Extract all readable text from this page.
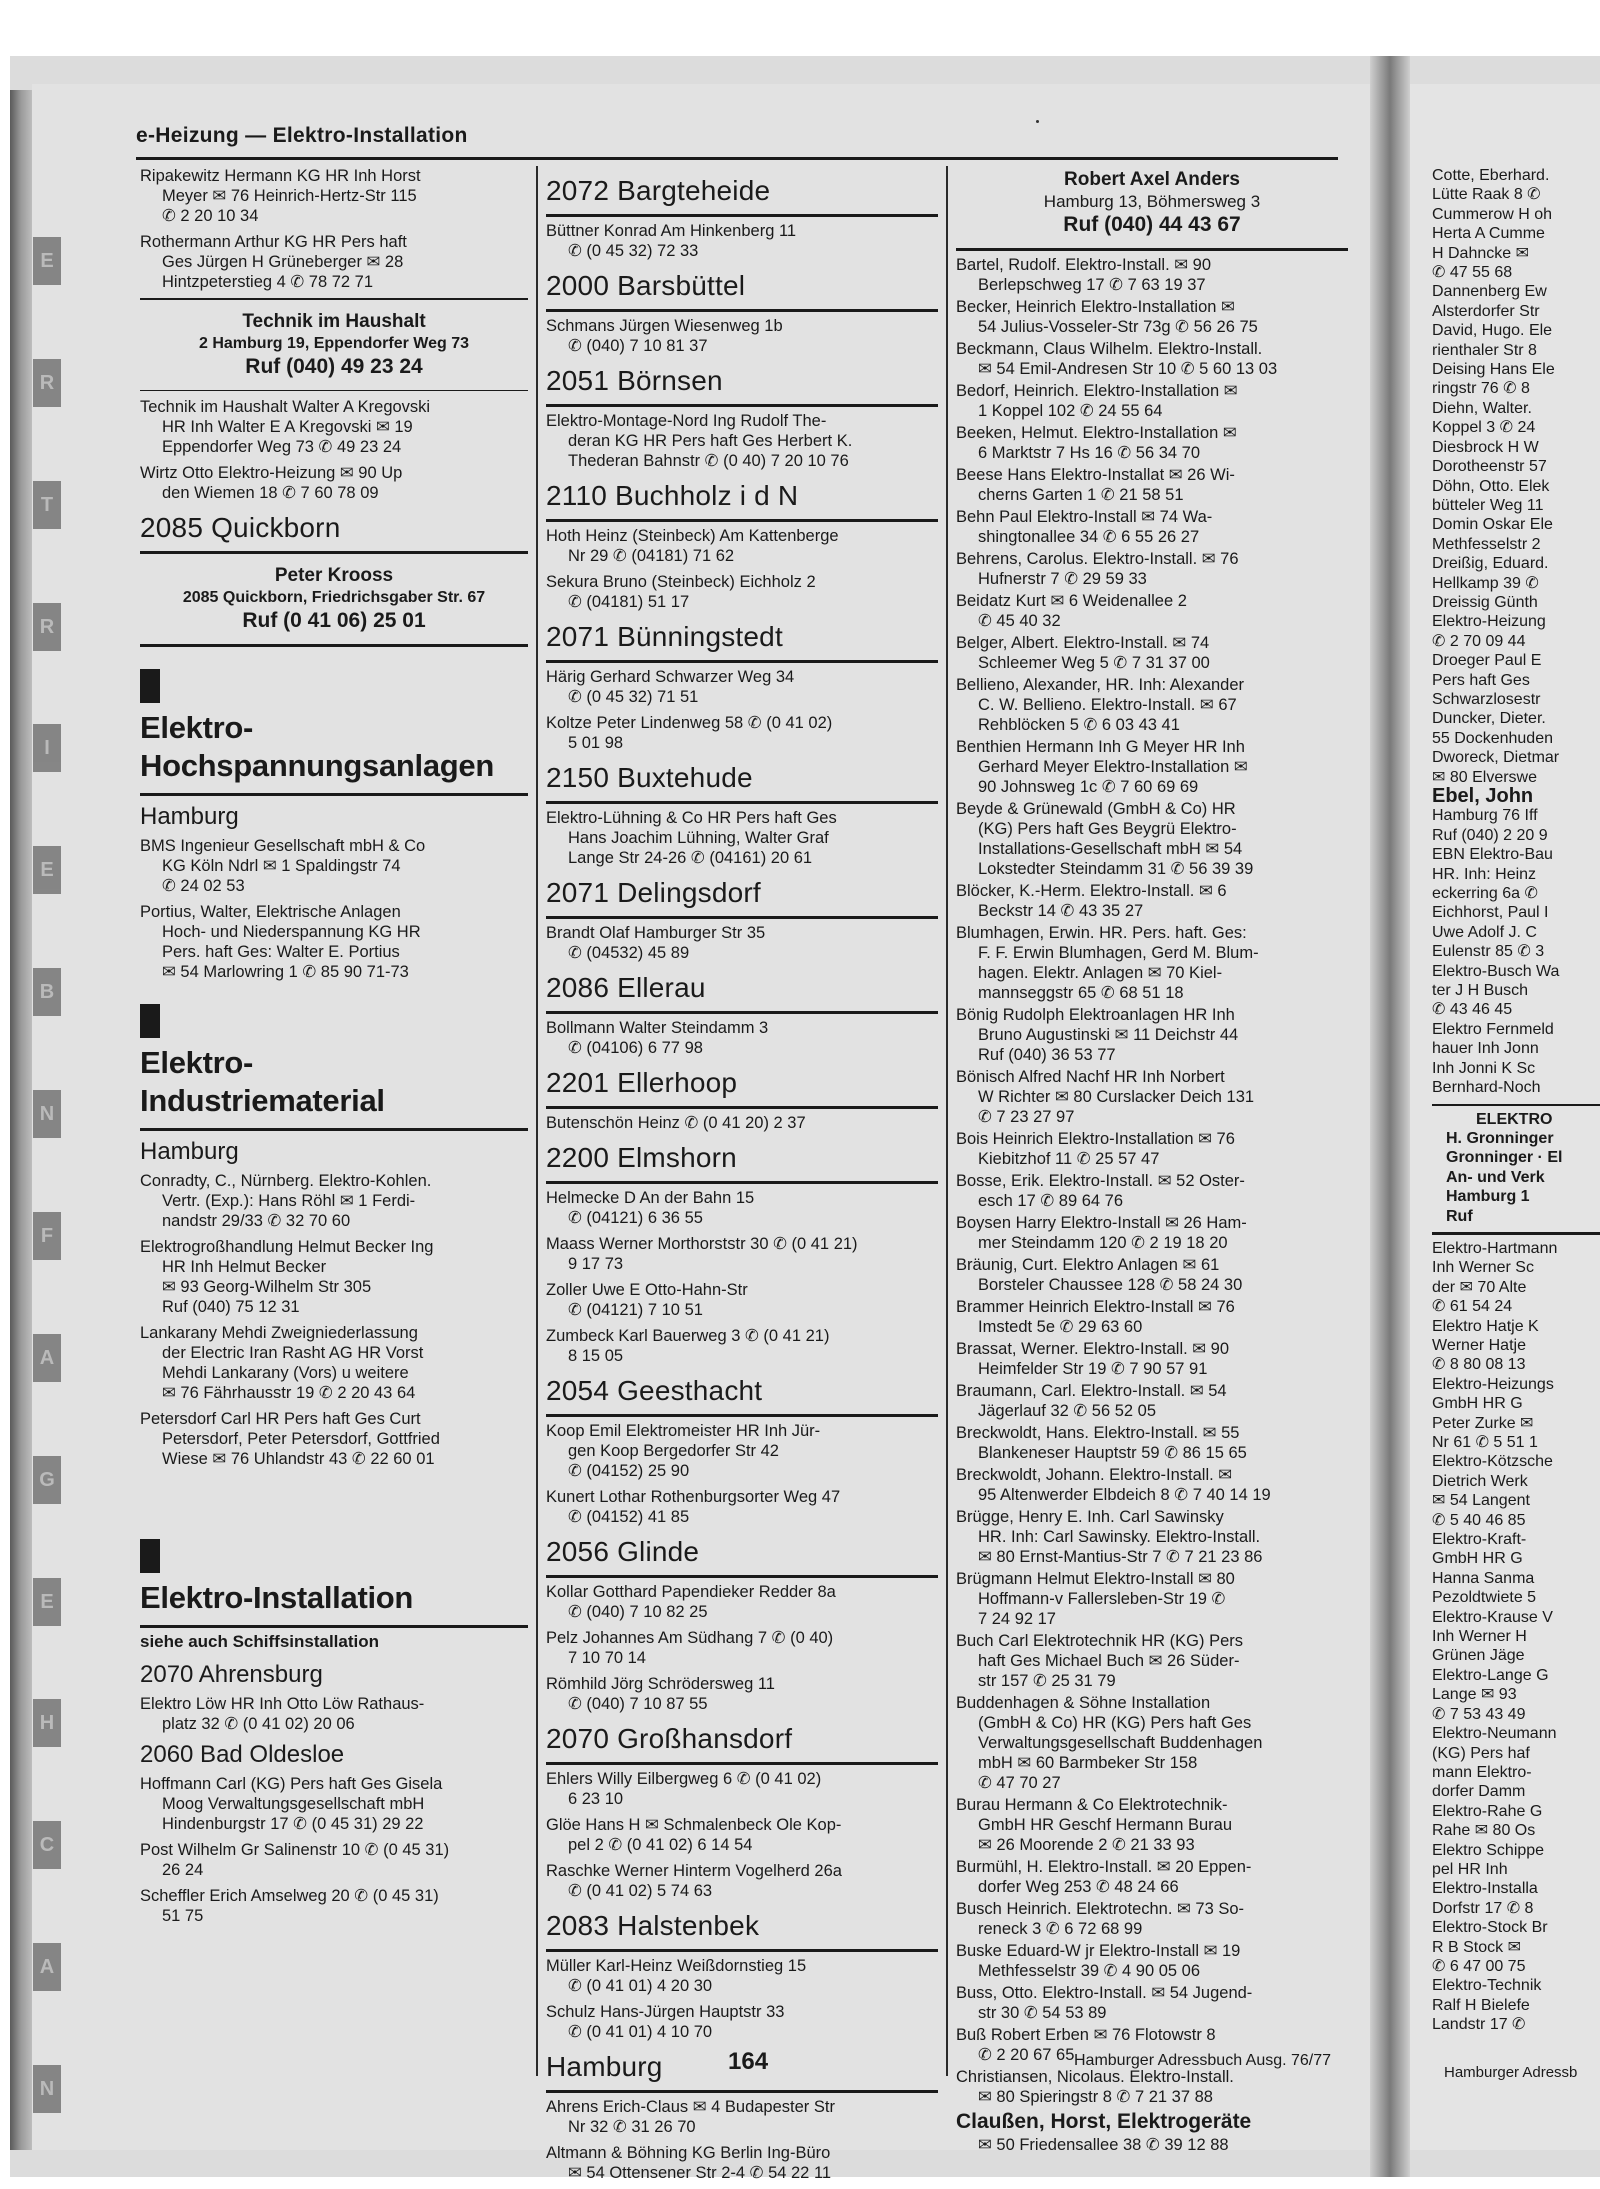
E
R
T
R
I
E
B
N
F
A
G
E
H
C
A
N
e-Heizung — Elektro-Installation
Ripakewitz Hermann KG HR Inh Horst
Meyer ✉ 76 Heinrich-Hertz-Str 115
✆ 2 20 10 34
Rothermann Arthur KG HR Pers haft
Ges Jürgen H Grüneberger ✉ 28
Hintzpeterstieg 4 ✆ 78 72 71
Technik im Haushalt
2 Hamburg 19, Eppendorfer Weg 73
Ruf (040) 49 23 24
Technik im Haushalt Walter A Kregovski
HR Inh Walter E A Kregovski ✉ 19
Eppendorfer Weg 73 ✆ 49 23 24
Wirtz Otto Elektro-Heizung ✉ 90 Up
den Wiemen 18 ✆ 7 60 78 09
2085 Quickborn
Peter Krooss
2085 Quickborn, Friedrichsgaber Str. 67
Ruf (0 41 06) 25 01
Elektro-
Hochspannungsanlagen
Hamburg
BMS Ingenieur Gesellschaft mbH & Co
KG Köln Ndrl ✉ 1 Spaldingstr 74
✆ 24 02 53
Portius, Walter, Elektrische Anlagen
Hoch- und Niederspannung KG HR
Pers. haft Ges: Walter E. Portius
✉ 54 Marlowring 1 ✆ 85 90 71-73
Elektro-
Industriematerial
Hamburg
Conradty, C., Nürnberg. Elektro-Kohlen.
Vertr. (Exp.): Hans Röhl ✉ 1 Ferdi-
nandstr 29/33 ✆ 32 70 60
Elektrogroßhandlung Helmut Becker Ing
HR Inh Helmut Becker
✉ 93 Georg-Wilhelm Str 305
Ruf (040) 75 12 31
Lankarany Mehdi Zweigniederlassung
der Electric Iran Rasht AG HR Vorst
Mehdi Lankarany (Vors) u weitere
✉ 76 Fährhausstr 19 ✆ 2 20 43 64
Petersdorf Carl HR Pers haft Ges Curt
Petersdorf, Peter Petersdorf, Gottfried
Wiese ✉ 76 Uhlandstr 43 ✆ 22 60 01
Elektro-Installation
siehe auch Schiffsinstallation
2070 Ahrensburg
Elektro Löw HR Inh Otto Löw Rathaus-
platz 32 ✆ (0 41 02) 20 06
2060 Bad Oldesloe
Hoffmann Carl (KG) Pers haft Ges Gisela
Moog Verwaltungsgesellschaft mbH
Hindenburgstr 17 ✆ (0 45 31) 29 22
Post Wilhelm Gr Salinenstr 10 ✆ (0 45 31)
26 24
Scheffler Erich Amselweg 20 ✆ (0 45 31)
51 75
2072 Bargteheide
Büttner Konrad Am Hinkenberg 11
✆ (0 45 32) 72 33
2000 Barsbüttel
Schmans Jürgen Wiesenweg 1b
✆ (040) 7 10 81 37
2051 Börnsen
Elektro-Montage-Nord Ing Rudolf The-
deran KG HR Pers haft Ges Herbert K.
Thederan Bahnstr ✆ (0 40) 7 20 10 76
2110 Buchholz i d N
Hoth Heinz (Steinbeck) Am Kattenberge
Nr 29 ✆ (04181) 71 62
Sekura Bruno (Steinbeck) Eichholz 2
✆ (04181) 51 17
2071 Bünningstedt
Härig Gerhard Schwarzer Weg 34
✆ (0 45 32) 71 51
Koltze Peter Lindenweg 58 ✆ (0 41 02)
5 01 98
2150 Buxtehude
Elektro-Lühning & Co HR Pers haft Ges
Hans Joachim Lühning, Walter Graf
Lange Str 24-26 ✆ (04161) 20 61
2071 Delingsdorf
Brandt Olaf Hamburger Str 35
✆ (04532) 45 89
2086 Ellerau
Bollmann Walter Steindamm 3
✆ (04106) 6 77 98
2201 Ellerhoop
Butenschön Heinz ✆ (0 41 20) 2 37
2200 Elmshorn
Helmecke D An der Bahn 15
✆ (04121) 6 36 55
Maass Werner Morthorststr 30 ✆ (0 41 21)
9 17 73
Zoller Uwe E Otto-Hahn-Str
✆ (04121) 7 10 51
Zumbeck Karl Bauerweg 3 ✆ (0 41 21)
8 15 05
2054 Geesthacht
Koop Emil Elektromeister HR Inh Jür-
gen Koop Bergedorfer Str 42
✆ (04152) 25 90
Kunert Lothar Rothenburgsorter Weg 47
✆ (04152) 41 85
2056 Glinde
Kollar Gotthard Papendieker Redder 8a
✆ (040) 7 10 82 25
Pelz Johannes Am Südhang 7 ✆ (0 40)
7 10 70 14
Römhild Jörg Schrödersweg 11
✆ (040) 7 10 87 55
2070 Großhansdorf
Ehlers Willy Eilbergweg 6 ✆ (0 41 02)
6 23 10
Glöe Hans H ✉ Schmalenbeck Ole Kop-
pel 2 ✆ (0 41 02) 6 14 54
Raschke Werner Hinterm Vogelherd 26a
✆ (0 41 02) 5 74 63
2083 Halstenbek
Müller Karl-Heinz Weißdornstieg 15
✆ (0 41 01) 4 20 30
Schulz Hans-Jürgen Hauptstr 33
✆ (0 41 01) 4 10 70
Hamburg
Ahrens Erich-Claus ✉ 4 Budapester Str
Nr 32 ✆ 31 26 70
Altmann & Böhning KG Berlin Ing-Büro
✉ 54 Ottensener Str 2-4 ✆ 54 22 11
Robert Axel Anders
Hamburg 13, Böhmersweg 3
Ruf (040) 44 43 67
Bartel, Rudolf. Elektro-Install. ✉ 90
Berlepschweg 17 ✆ 7 63 19 37
Becker, Heinrich Elektro-Installation ✉
54 Julius-Vosseler-Str 73g ✆ 56 26 75
Beckmann, Claus Wilhelm. Elektro-Install.
✉ 54 Emil-Andresen Str 10 ✆ 5 60 13 03
Bedorf, Heinrich. Elektro-Installation ✉
1 Koppel 102 ✆ 24 55 64
Beeken, Helmut. Elektro-Installation ✉
6 Marktstr 7 Hs 16 ✆ 56 34 70
Beese Hans Elektro-Installat ✉ 26 Wi-
cherns Garten 1 ✆ 21 58 51
Behn Paul Elektro-Install ✉ 74 Wa-
shingtonallee 34 ✆ 6 55 26 27
Behrens, Carolus. Elektro-Install. ✉ 76
Hufnerstr 7 ✆ 29 59 33
Beidatz Kurt ✉ 6 Weidenallee 2
✆ 45 40 32
Belger, Albert. Elektro-Install. ✉ 74
Schleemer Weg 5 ✆ 7 31 37 00
Bellieno, Alexander, HR. Inh: Alexander
C. W. Bellieno. Elektro-Install. ✉ 67
Rehblöcken 5 ✆ 6 03 43 41
Benthien Hermann Inh G Meyer HR Inh
Gerhard Meyer Elektro-Installation ✉
90 Johnsweg 1c ✆ 7 60 69 69
Beyde & Grünewald (GmbH & Co) HR
(KG) Pers haft Ges Beygrü Elektro-
Installations-Gesellschaft mbH ✉ 54
Lokstedter Steindamm 31 ✆ 56 39 39
Blöcker, K.-Herm. Elektro-Install. ✉ 6
Beckstr 14 ✆ 43 35 27
Blumhagen, Erwin. HR. Pers. haft. Ges:
F. F. Erwin Blumhagen, Gerd M. Blum-
hagen. Elektr. Anlagen ✉ 70 Kiel-
mannseggstr 65 ✆ 68 51 18
Bönig Rudolph Elektroanlagen HR Inh
Bruno Augustinski ✉ 11 Deichstr 44
Ruf (040) 36 53 77
Bönisch Alfred Nachf HR Inh Norbert
W Richter ✉ 80 Curslacker Deich 131
✆ 7 23 27 97
Bois Heinrich Elektro-Installation ✉ 76
Kiebitzhof 11 ✆ 25 57 47
Bosse, Erik. Elektro-Install. ✉ 52 Oster-
esch 17 ✆ 89 64 76
Boysen Harry Elektro-Install ✉ 26 Ham-
mer Steindamm 120 ✆ 2 19 18 20
Bräunig, Curt. Elektro Anlagen ✉ 61
Borsteler Chaussee 128 ✆ 58 24 30
Brammer Heinrich Elektro-Install ✉ 76
Imstedt 5e ✆ 29 63 60
Brassat, Werner. Elektro-Install. ✉ 90
Heimfelder Str 19 ✆ 7 90 57 91
Braumann, Carl. Elektro-Install. ✉ 54
Jägerlauf 32 ✆ 56 52 05
Breckwoldt, Hans. Elektro-Install. ✉ 55
Blankeneser Hauptstr 59 ✆ 86 15 65
Breckwoldt, Johann. Elektro-Install. ✉
95 Altenwerder Elbdeich 8 ✆ 7 40 14 19
Brügge, Henry E. Inh. Carl Sawinsky
HR. Inh: Carl Sawinsky. Elektro-Install.
✉ 80 Ernst-Mantius-Str 7 ✆ 7 21 23 86
Brügmann Helmut Elektro-Install ✉ 80
Hoffmann-v Fallersleben-Str 19 ✆
7 24 92 17
Buch Carl Elektrotechnik HR (KG) Pers
haft Ges Michael Buch ✉ 26 Süder-
str 157 ✆ 25 31 79
Buddenhagen & Söhne Installation
(GmbH & Co) HR (KG) Pers haft Ges
Verwaltungsgesellschaft Buddenhagen
mbH ✉ 60 Barmbeker Str 158
✆ 47 70 27
Burau Hermann & Co Elektrotechnik-
GmbH HR Geschf Hermann Burau
✉ 26 Moorende 2 ✆ 21 33 93
Burmühl, H. Elektro-Install. ✉ 20 Eppen-
dorfer Weg 253 ✆ 48 24 66
Busch Heinrich. Elektrotechn. ✉ 73 So-
reneck 3 ✆ 6 72 68 99
Buske Eduard-W jr Elektro-Install ✉ 19
Methfesselstr 39 ✆ 4 90 05 06
Buss, Otto. Elektro-Install. ✉ 54 Jugend-
str 30 ✆ 54 53 89
Buß Robert Erben ✉ 76 Flotowstr 8
✆ 2 20 67 65
Christiansen, Nicolaus. Elektro-Install.
✉ 80 Spieringstr 8 ✆ 7 21 37 88
Claußen, Horst, Elektrogeräte
✉ 50 Friedensallee 38 ✆ 39 12 88
164	Hamburger Adressbuch Ausg. 76/77
Cotte, Eberhard.
Lütte Raak 8 ✆
Cummerow H oh
Herta A Cumme
H Dahncke ✉
✆ 47 55 68
Dannenberg Ew
Alsterdorfer Str
David, Hugo. Ele
rienthaler Str 8
Deising Hans Ele
ringstr 76 ✆ 8
Diehn, Walter.
Koppel 3 ✆ 24
Diesbrock H W
Dorotheenstr 57
Döhn, Otto. Elek
bütteler Weg 11
Domin Oskar Ele
Methfesselstr 2
Dreißig, Eduard.
Hellkamp 39 ✆
Dreissig Günth
Elektro-Heizung
✆ 2 70 09 44
Droeger Paul E
Pers haft Ges
Schwarzlosestr
Duncker, Dieter.
55 Dockenhuden
Dworeck, Dietmar
✉ 80 Elverswe
Ebel, John
Hamburg 76 Iff
Ruf (040) 2 20 9
EBN Elektro-Bau
HR. Inh: Heinz
eckerring 6a ✆
Eichhorst, Paul I
Uwe Adolf J. C
Eulenstr 85 ✆ 3
Elektro-Busch Wa
ter J H Busch
✆ 43 46 45
Elektro Fernmeld
hauer Inh Jonn
Inh Jonni K Sc
Bernhard-Noch
ELEKTRO
H. Gronninger
Gronninger · El
An- und Verk
Hamburg 1
Ruf
Elektro-Hartmann
Inh Werner Sc
der ✉ 70 Alte
✆ 61 54 24
Elektro Hatje K
Werner Hatje
✆ 8 80 08 13
Elektro-Heizungs
GmbH HR G
Peter Zurke ✉
Nr 61 ✆ 5 51 1
Elektro-Kötzsche
Dietrich Werk
✉ 54 Langent
✆ 5 40 46 85
Elektro-Kraft-
GmbH HR G
Hanna Sanma
Pezoldtwiete 5
Elektro-Krause V
Inh Werner H
Grünen Jäge
Elektro-Lange G
Lange ✉ 93
✆ 7 53 43 49
Elektro-Neumann
(KG) Pers haf
mann Elektro-
dorfer Damm
Elektro-Rahe G
Rahe ✉ 80 Os
Elektro Schippe
pel HR Inh
Elektro-Installa
Dorfstr 17 ✆ 8
Elektro-Stock Br
R B Stock ✉
✆ 6 47 00 75
Elektro-Technik
Ralf H Bielefe
Landstr 17 ✆
Hamburger Adressb
